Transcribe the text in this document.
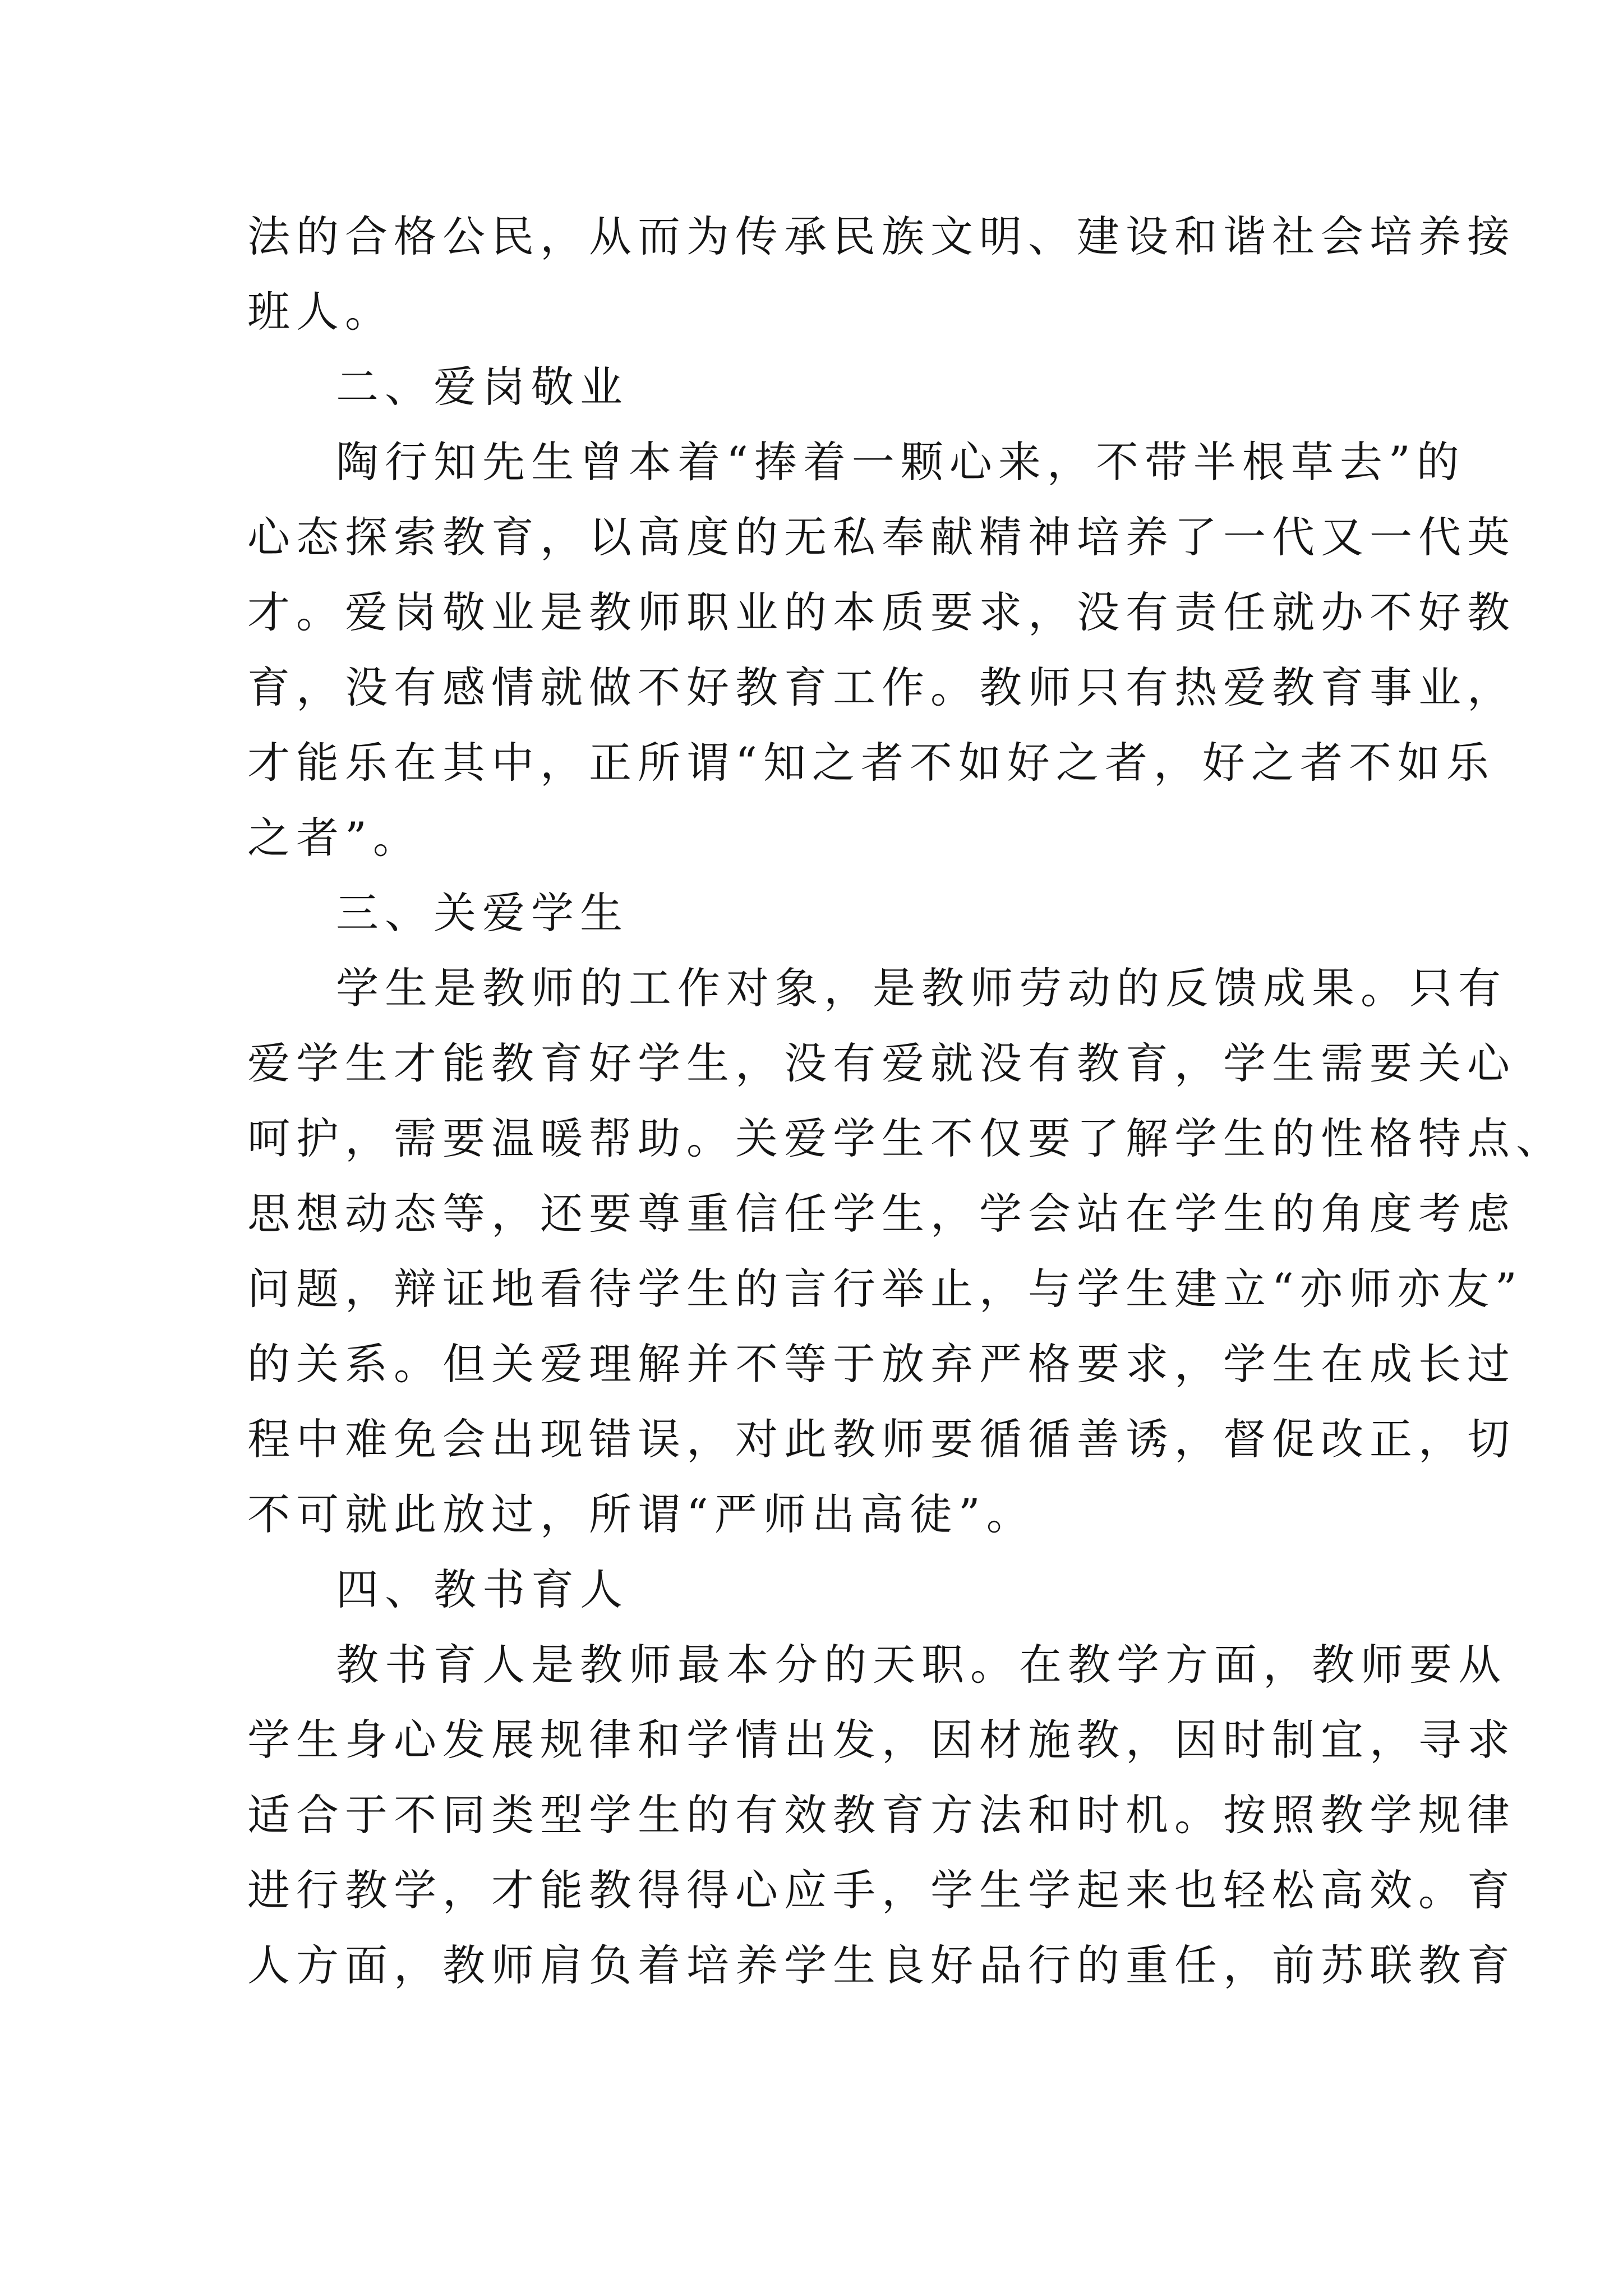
法的合格公民，从而为传承民族文明、建设和谐社会培养接
班人。
二、爱岗敬业
陶行知先生曾本着“捧着一颗心来，不带半根草去”的
心态探索教育，以高度的无私奉献精神培养了一代又一代英
才。爱岗敬业是教师职业的本质要求，没有责任就办不好教
育，没有感情就做不好教育工作。教师只有热爱教育事业，
才能乐在其中，正所谓“知之者不如好之者，好之者不如乐
之者”。
三、关爱学生
学生是教师的工作对象，是教师劳动的反馈成果。只有
爱学生才能教育好学生，没有爱就没有教育，学生需要关心
呵护，需要温暖帮助。关爱学生不仅要了解学生的性格特点、
思想动态等，还要尊重信任学生，学会站在学生的角度考虑
问题，辩证地看待学生的言行举止，与学生建立“亦师亦友”
的关系。但关爱理解并不等于放弃严格要求，学生在成长过
程中难免会出现错误，对此教师要循循善诱，督促改正，切
不可就此放过，所谓“严师出高徒”。
四、教书育人
教书育人是教师最本分的天职。在教学方面，教师要从
学生身心发展规律和学情出发，因材施教，因时制宜，寻求
适合于不同类型学生的有效教育方法和时机。按照教学规律
进行教学，才能教得得心应手，学生学起来也轻松高效。育
人方面，教师肩负着培养学生良好品行的重任，前苏联教育
